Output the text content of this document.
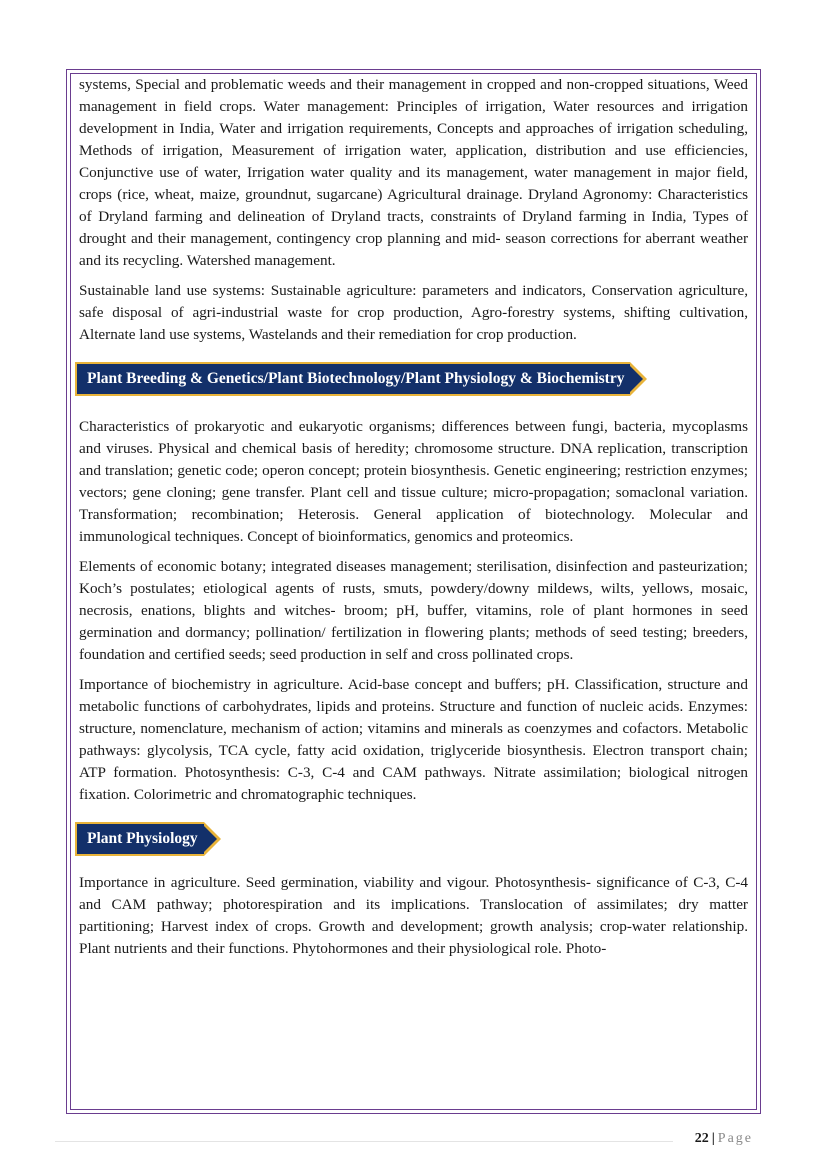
systems, Special and problematic weeds and their management in cropped and non-cropped situations, Weed management in field crops. Water management: Principles of irrigation, Water resources and irrigation development in India, Water and irrigation requirements, Concepts and approaches of irrigation scheduling, Methods of irrigation, Measurement of irrigation water, application, distribution and use efficiencies, Conjunctive use of water, Irrigation water quality and its management, water management in major field, crops (rice, wheat, maize, groundnut, sugarcane) Agricultural drainage. Dryland Agronomy: Characteristics of Dryland farming and delineation of Dryland tracts, constraints of Dryland farming in India, Types of drought and their management, contingency crop planning and mid- season corrections for aberrant weather and its recycling. Watershed management.

Sustainable land use systems: Sustainable agriculture: parameters and indicators, Conservation agriculture, safe disposal of agri-industrial waste for crop production, Agro-forestry systems, shifting cultivation, Alternate land use systems, Wastelands and their remediation for crop production.

Plant Breeding & Genetics/Plant Biotechnology/Plant Physiology & Biochemistry

Characteristics of prokaryotic and eukaryotic organisms; differences between fungi, bacteria, mycoplasms and viruses. Physical and chemical basis of heredity; chromosome structure. DNA replication, transcription and translation; genetic code; operon concept; protein biosynthesis. Genetic engineering; restriction enzymes; vectors; gene cloning; gene transfer. Plant cell and tissue culture; micro-propagation; somaclonal variation. Transformation; recombination; Heterosis. General application of biotechnology. Molecular and immunological techniques. Concept of bioinformatics, genomics and proteomics.

Elements of economic botany; integrated diseases management; sterilisation, disinfection and pasteurization; Koch’s postulates; etiological agents of rusts, smuts, powdery/downy mildews, wilts, yellows, mosaic, necrosis, enations, blights and witches- broom; pH, buffer, vitamins, role of plant hormones in seed germination and dormancy; pollination/ fertilization in flowering plants; methods of seed testing; breeders, foundation and certified seeds; seed production in self and cross pollinated crops.

Importance of biochemistry in agriculture. Acid-base concept and buffers; pH. Classification, structure and metabolic functions of carbohydrates, lipids and proteins. Structure and function of nucleic acids. Enzymes: structure, nomenclature, mechanism of action; vitamins and minerals as coenzymes and cofactors. Metabolic pathways: glycolysis, TCA cycle, fatty acid oxidation, triglyceride biosynthesis. Electron transport chain; ATP formation. Photosynthesis: C-3, C-4 and CAM pathways. Nitrate assimilation; biological nitrogen fixation. Colorimetric and chromatographic techniques.

Plant Physiology

Importance in agriculture. Seed germination, viability and vigour. Photosynthesis- significance of C-3, C-4 and CAM pathway; photorespiration and its implications. Translocation of assimilates; dry matter partitioning; Harvest index of crops. Growth and development; growth analysis; crop-water relationship. Plant nutrients and their functions. Phytohormones and their physiological role. Photo-

22 | Page
